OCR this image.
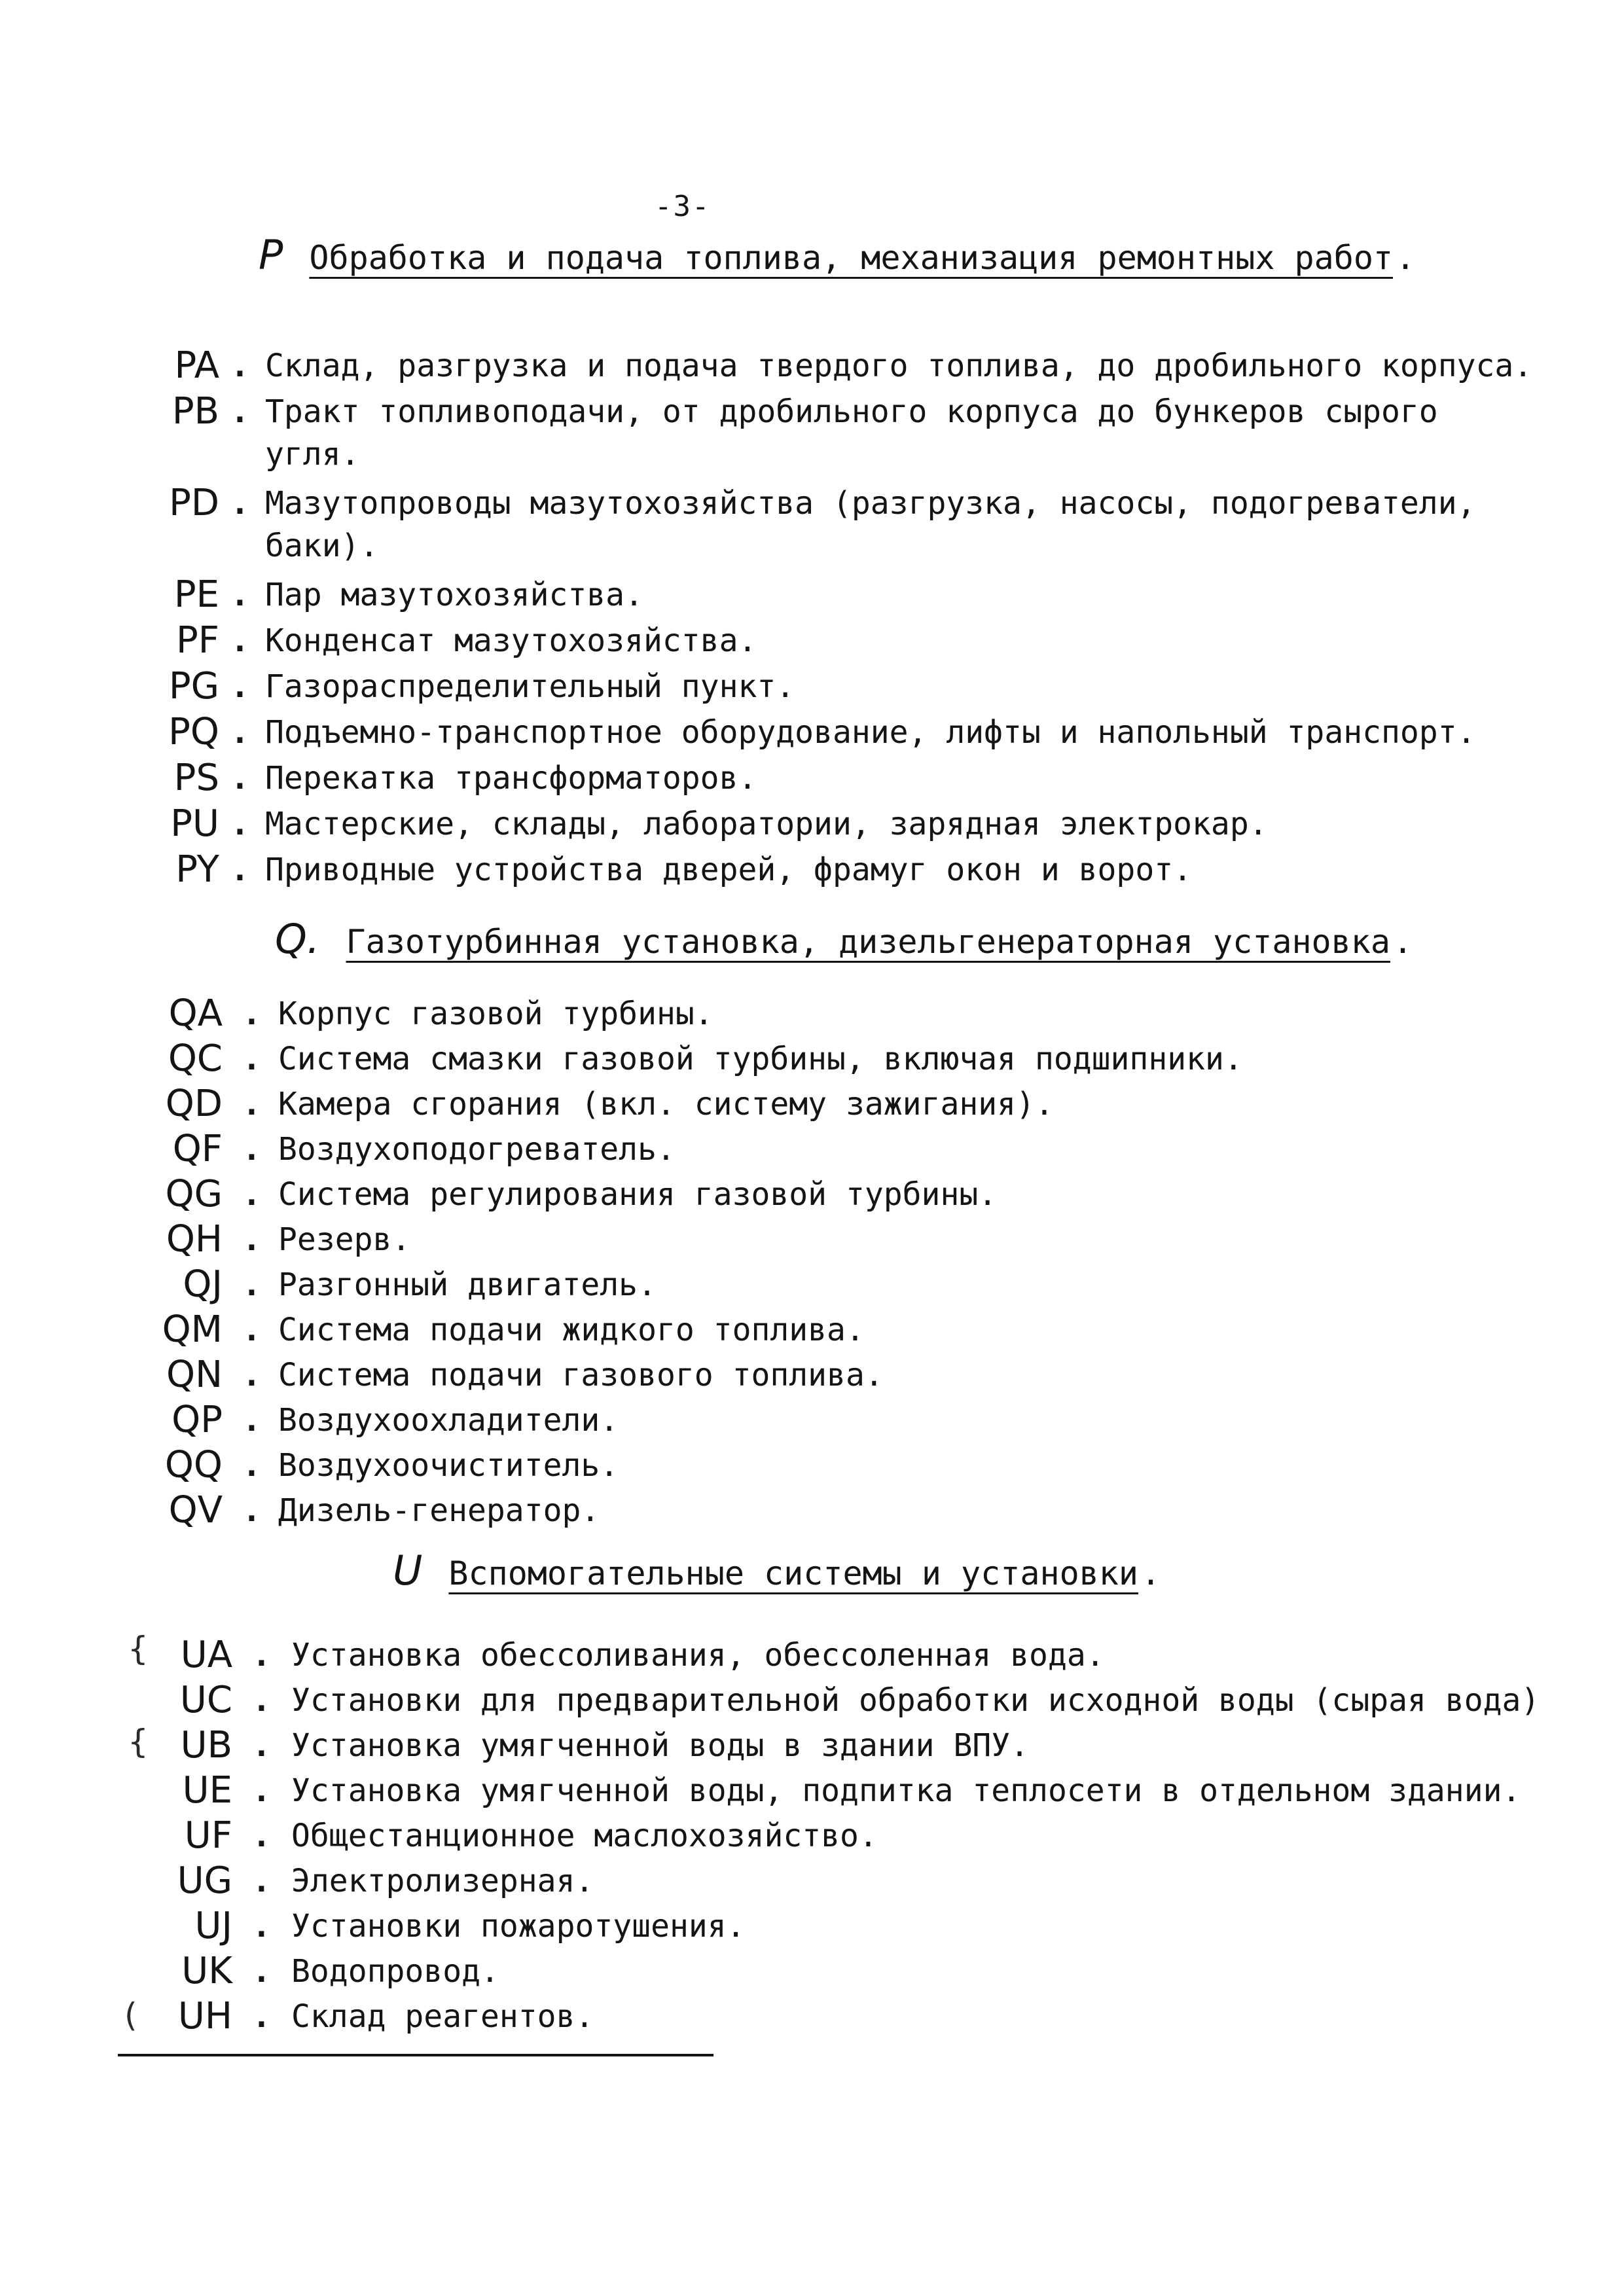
-3-
P Обработка и подача топлива, механизация ремонтных работ.
PA . Склад, разгрузка и подача твердого топлива, до дробильного корпуса.
PB . Тракт топливоподачи, от дробильного корпуса до бункеров сырого
угля.
PD . Мазутопроводы мазутохозяйства (разгрузка, насосы, подогреватели,
баки).
PE . Пар мазутохозяйства.
PF . Конденсат мазутохозяйства.
PG . Газораспределительный пункт.
PQ . Подъемно-транспортное оборудование, лифты и напольный транспорт.
PS . Перекатка трансформаторов.
PU . Мастерские, склады, лаборатории, зарядная электрокар.
PY . Приводные устройства дверей, фрамуг окон и ворот.
Q. Газотурбинная установка, дизельгенераторная установка.
QA . Корпус газовой турбины.
QC . Система смазки газовой турбины, включая подшипники.
QD . Камера сгорания (вкл. систему зажигания).
QF . Воздухоподогреватель.
QG . Система регулирования газовой турбины.
QH . Резерв.
QJ . Разгонный двигатель.
QM . Система подачи жидкого топлива.
QN . Система подачи газового топлива.
QP . Воздухоохладители.
QQ . Воздухоочиститель.
QV . Дизель-генератор.
U Вспомогательные системы и установки.
UA . Установка обессоливания, обессоленная вода.
UC . Установки для предварительной обработки исходной воды (сырая вода)
UB . Установка умягченной воды в здании ВПУ.
UE . Установка умягченной воды, подпитка теплосети в отдельном здании.
UF . Общестанционное маслохозяйство.
UG . Электролизерная.
UJ . Установки пожаротушения.
UK . Водопровод.
UH . Склад реагентов.
{
{
(
